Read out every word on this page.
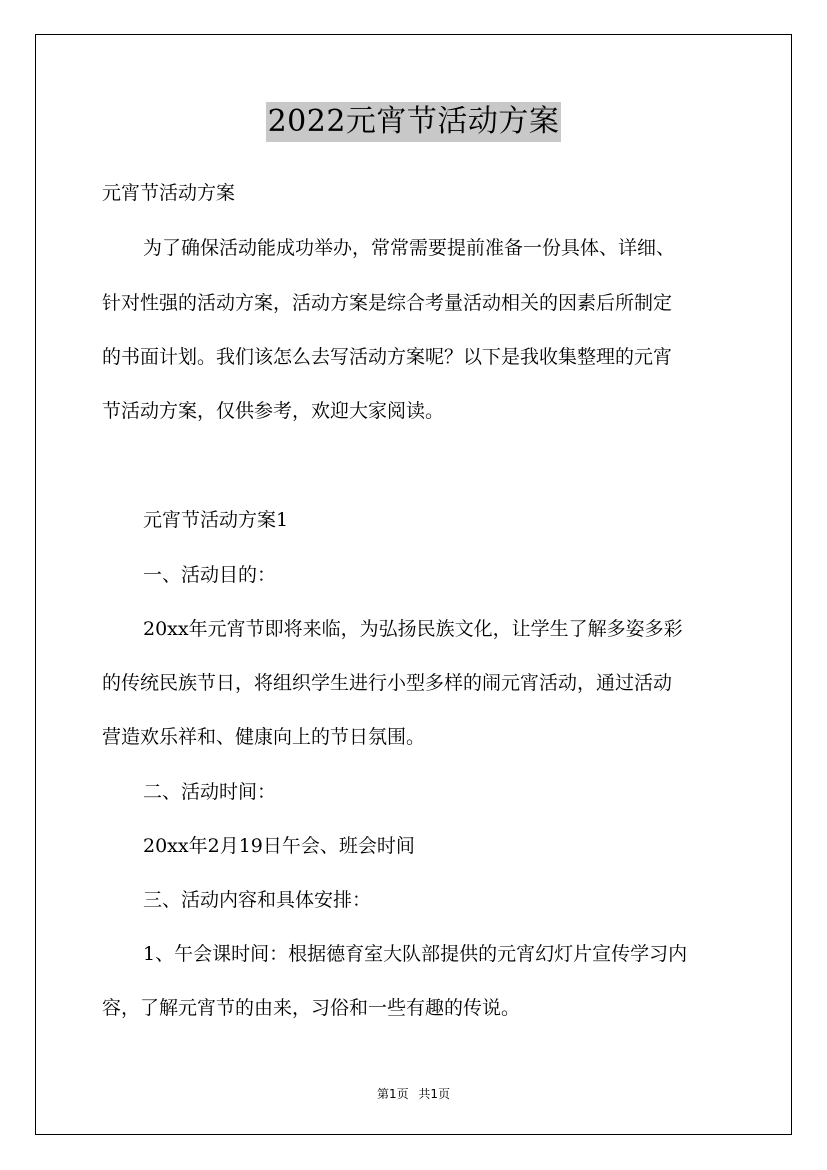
2022元宵节活动方案
元宵节活动方案
为了确保活动能成功举办，常常需要提前准备一份具体、详细、
针对性强的活动方案，活动方案是综合考量活动相关的因素后所制定
的书面计划。我们该怎么去写活动方案呢？以下是我收集整理的元宵
节活动方案，仅供参考，欢迎大家阅读。
元宵节活动方案1
一、活动目的：
20xx年元宵节即将来临，为弘扬民族文化，让学生了解多姿多彩
的传统民族节日，将组织学生进行小型多样的闹元宵活动，通过活动
营造欢乐祥和、健康向上的节日氛围。
二、活动时间：
20xx年2月19日午会、班会时间
三、活动内容和具体安排：
1、午会课时间：根据德育室大队部提供的元宵幻灯片宣传学习内
容，了解元宵节的由来，习俗和一些有趣的传说。
第1页 共1页
